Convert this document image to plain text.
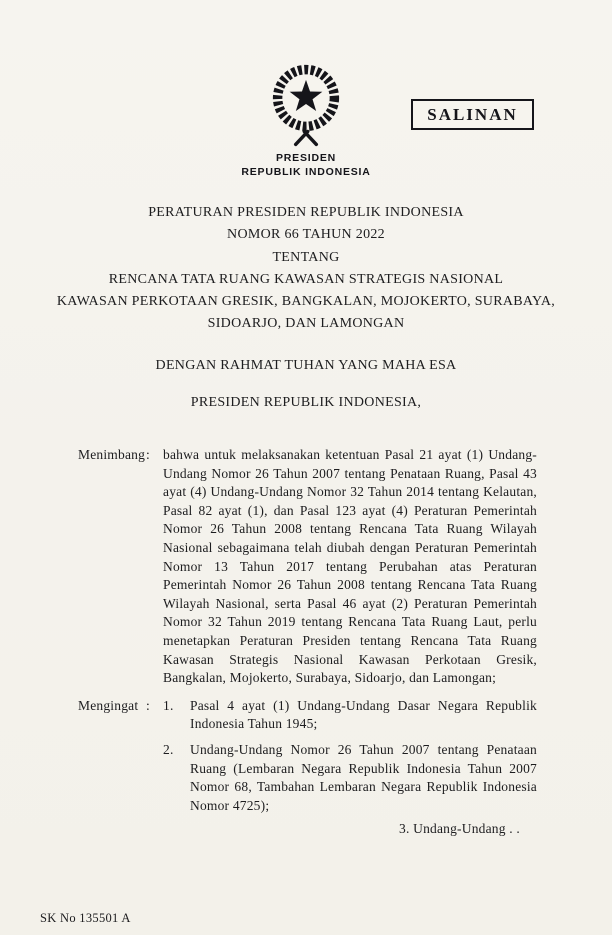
SALINAN
PRESIDEN
REPUBLIK INDONESIA
PERATURAN PRESIDEN REPUBLIK INDONESIA
NOMOR 66 TAHUN 2022
TENTANG
RENCANA TATA RUANG KAWASAN STRATEGIS NASIONAL
KAWASAN PERKOTAAN GRESIK, BANGKALAN, MOJOKERTO, SURABAYA,
SIDOARJO, DAN LAMONGAN
DENGAN RAHMAT TUHAN YANG MAHA ESA
PRESIDEN REPUBLIK INDONESIA,
Menimbang : bahwa untuk melaksanakan ketentuan Pasal 21 ayat (1) Undang-Undang Nomor 26 Tahun 2007 tentang Penataan Ruang, Pasal 43 ayat (4) Undang-Undang Nomor 32 Tahun 2014 tentang Kelautan, Pasal 82 ayat (1), dan Pasal 123 ayat (4) Peraturan Pemerintah Nomor 26 Tahun 2008 tentang Rencana Tata Ruang Wilayah Nasional sebagaimana telah diubah dengan Peraturan Pemerintah Nomor 13 Tahun 2017 tentang Perubahan atas Peraturan Pemerintah Nomor 26 Tahun 2008 tentang Rencana Tata Ruang Wilayah Nasional, serta Pasal 46 ayat (2) Peraturan Pemerintah Nomor 32 Tahun 2019 tentang Rencana Tata Ruang Laut, perlu menetapkan Peraturan Presiden tentang Rencana Tata Ruang Kawasan Strategis Nasional Kawasan Perkotaan Gresik, Bangkalan, Mojokerto, Surabaya, Sidoarjo, dan Lamongan;
Mengingat : 1.	Pasal 4 ayat (1) Undang-Undang Dasar Negara Republik Indonesia Tahun 1945;
2.	Undang-Undang Nomor 26 Tahun 2007 tentang Penataan Ruang (Lembaran Negara Republik Indonesia Tahun 2007 Nomor 68, Tambahan Lembaran Negara Republik Indonesia Nomor 4725);
3. Undang-Undang . .
SK No 135501 A
